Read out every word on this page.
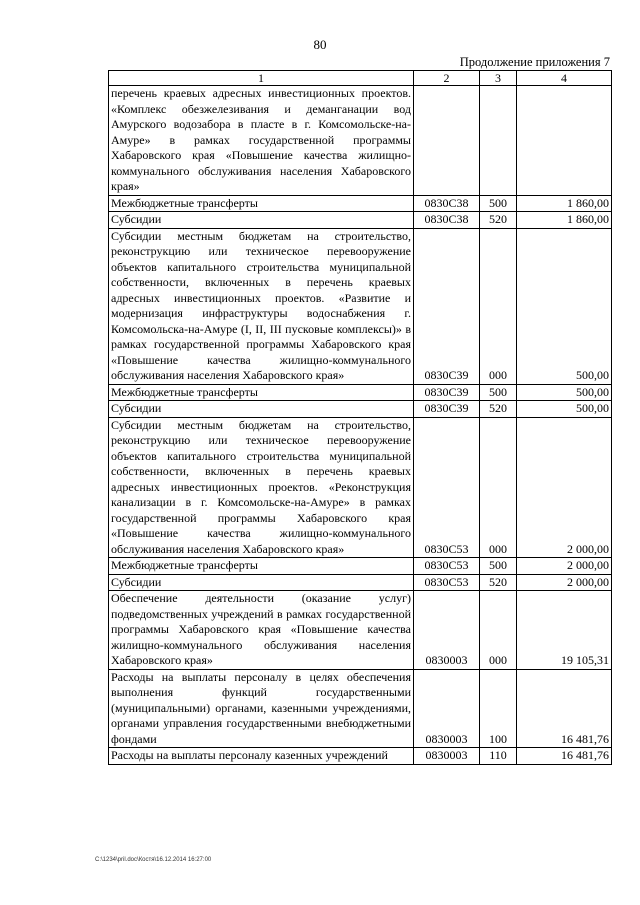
80
Продолжение приложения 7
1	2	3	4
перечень краевых адресных инвестиционных проектов. «Комплекс обезжелезивания и деманганации вод Амурского водозабора в пласте в г. Комсомольске-на-Амуре» в рамках государственной программы Хабаровского края «Повышение качества жилищно-коммунального обслуживания населения Хабаровского края»			
Межбюджетные трансферты	0830С38	500	1 860,00
Субсидии	0830С38	520	1 860,00
Субсидии местным бюджетам на строительство, реконструкцию или техническое перевооружение объектов капитального строительства муниципальной собственности, включенных в перечень краевых адресных инвестиционных проектов. «Развитие и модернизация инфраструктуры водоснабжения г. Комсомольска-на-Амуре (I, II, III пусковые комплексы)» в рамках государственной программы Хабаровского края «Повышение качества жилищно-коммунального обслуживания населения Хабаровского края»	0830С39	000	500,00
Межбюджетные трансферты	0830С39	500	500,00
Субсидии	0830С39	520	500,00
Субсидии местным бюджетам на строительство, реконструкцию или техническое перевооружение объектов капитального строительства муниципальной собственности, включенных в перечень краевых адресных инвестиционных проектов. «Реконструкция канализации в г. Комсомольске-на-Амуре» в рамках государственной программы Хабаровского края «Повышение качества жилищно-коммунального обслуживания населения Хабаровского края»	0830С53	000	2 000,00
Межбюджетные трансферты	0830С53	500	2 000,00
Субсидии	0830С53	520	2 000,00
Обеспечение деятельности (оказание услуг) подведомственных учреждений в рамках государственной программы Хабаровского края «Повышение качества жилищно-коммунального обслуживания населения Хабаровского края»	0830003	000	19 105,31
Расходы на выплаты персоналу в целях обеспечения выполнения функций государственными (муниципальными) органами, казенными учреждениями, органами управления государственными внебюджетными фондами	0830003	100	16 481,76
Расходы на выплаты персоналу казенных учреждений	0830003	110	16 481,76
C:\1234\pril.doc\Костя\16.12.2014 16:27:00
